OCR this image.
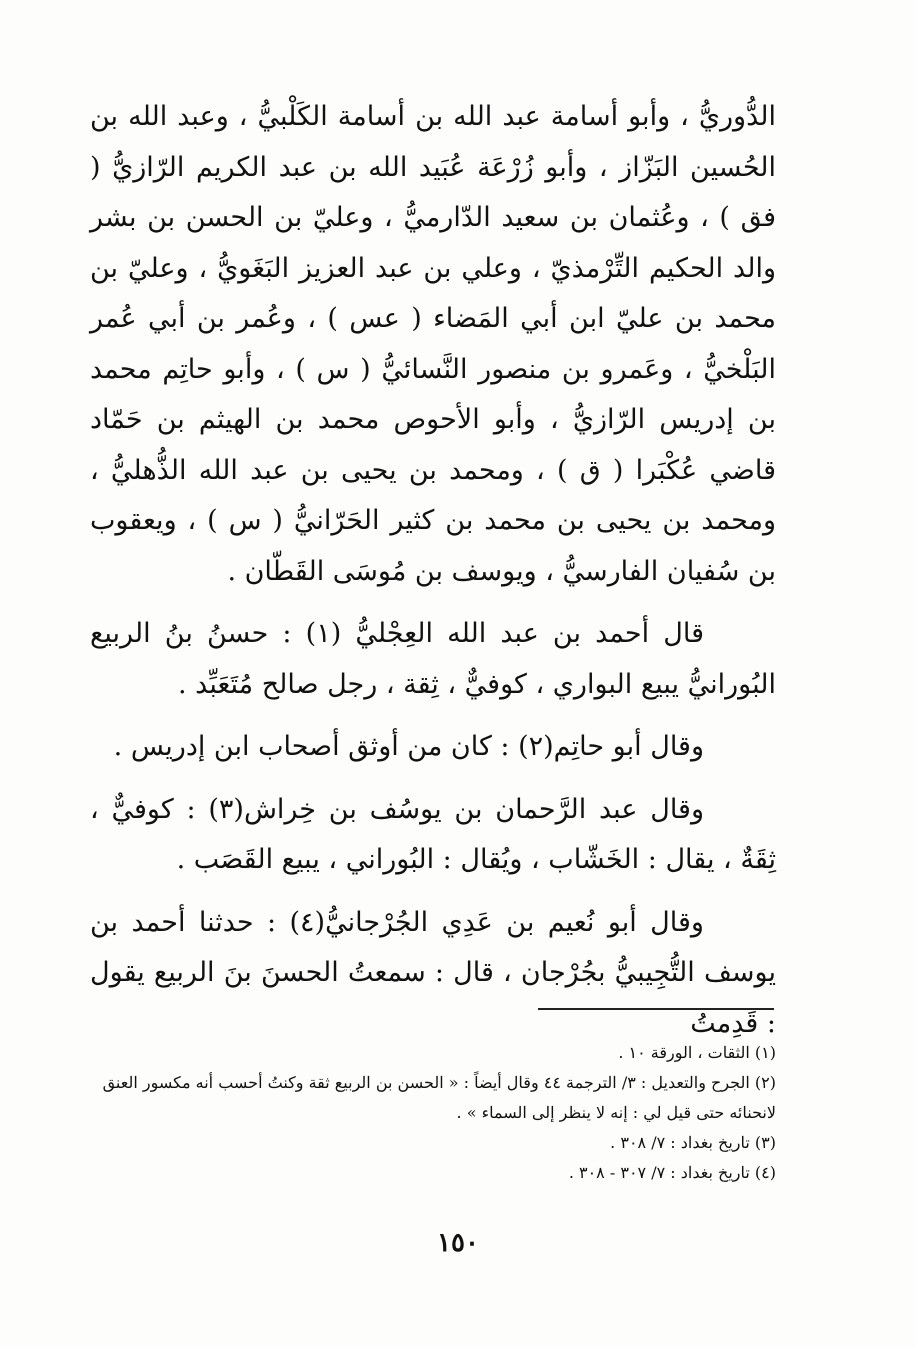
الدُّوريُّ ، وأبو أسامة عبد الله بن أسامة الكَلْبيُّ ، وعبد الله بن الحُسين البَزّاز ، وأبو زُرْعَة عُبَيد الله بن عبد الكريم الرّازيُّ ( فق ) ، وعُثمان بن سعيد الدّارميُّ ، وعليّ بن الحسن بن بشر والد الحكيم التِّرْمذيّ ، وعلي بن عبد العزيز البَغَويُّ ، وعليّ بن محمد بن عليّ ابن أبي المَضاء ( عس ) ، وعُمر بن أبي عُمر البَلْخيُّ ، وعَمرو بن منصور النَّسائيُّ ( س ) ، وأبو حاتِم محمد بن إدريس الرّازيُّ ، وأبو الأحوص محمد بن الهيثم بن حَمّاد قاضي عُكْبَرا ( ق ) ، ومحمد بن يحيى بن عبد الله الذُّهليُّ ، ومحمد بن يحيى بن محمد بن كثير الحَرّانيُّ ( س ) ، ويعقوب بن سُفيان الفارسيُّ ، ويوسف بن مُوسَى القَطّان .

قال أحمد بن عبد الله العِجْليُّ (١) : حسنُ بنُ الربيع البُورانيُّ يبيع البواري ، كوفيٌّ ، ثِقة ، رجل صالح مُتَعَبِّد .

وقال أبو حاتِم(٢) : كان من أوثق أصحاب ابن إدريس .

وقال عبد الرَّحمان بن يوسُف بن خِراش(٣) : كوفيٌّ ، ثِقَةٌ ، يقال : الخَشّاب ، ويُقال : البُوراني ، يبيع القَصَب .

وقال أبو نُعيم بن عَدِي الجُرْجانيُّ(٤) : حدثنا أحمد بن يوسف التُّجِيبيُّ بجُرْجان ، قال : سمعتُ الحسنَ بنَ الربيع يقول : قَدِمتُ

(١) الثقات ، الورقة ١٠ .

(٢) الجرح والتعديل : ٣/ الترجمة ٤٤ وقال أيضاً : « الحسن بن الربيع ثقة وكنتُ أحسب أنه مكسور العنق لانحنائه حتى قيل لي : إنه لا ينظر إلى السماء » .

(٣) تاريخ بغداد : ٧/ ٣٠٨ .

(٤) تاريخ بغداد : ٧/ ٣٠٧ - ٣٠٨ .

١٥٠
